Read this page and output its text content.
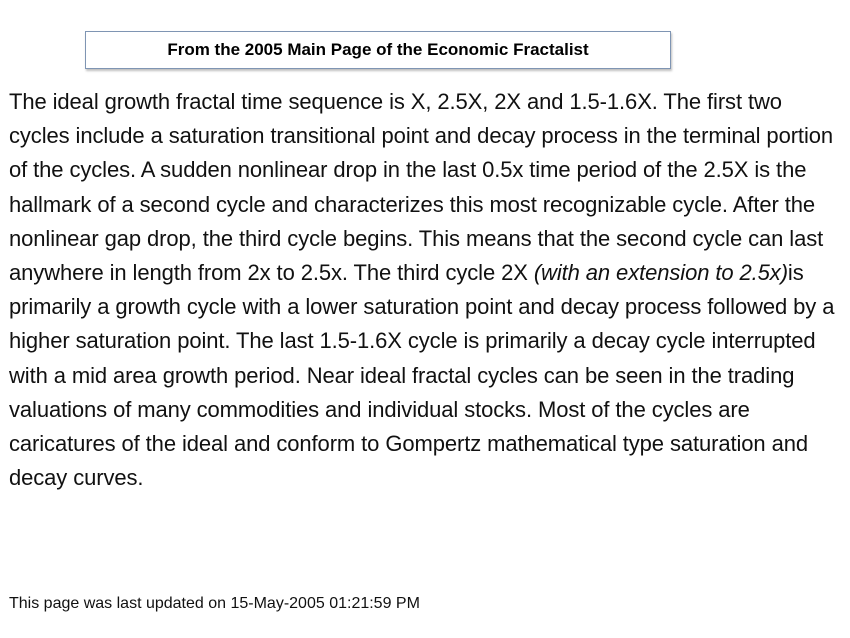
From the 2005 Main Page of the Economic Fractalist

The ideal growth fractal time sequence is X, 2.5X, 2X and 1.5-1.6X. The first two cycles include a saturation transitional point and decay process in the terminal portion of the cycles. A sudden nonlinear drop in the last 0.5x time period of the 2.5X is the hallmark of a second cycle and characterizes this most recognizable cycle. After the nonlinear gap drop, the third cycle begins. This means that the second cycle can last anywhere in length from 2x to 2.5x. The third cycle 2X (with an extension to 2.5x)is primarily a growth cycle with a lower saturation point and decay process followed by a higher saturation point. The last 1.5-1.6X cycle is primarily a decay cycle interrupted with a mid area growth period. Near ideal fractal cycles can be seen in the trading valuations of many commodities and individual stocks. Most of the cycles are caricatures of the ideal and conform to Gompertz mathematical type saturation and decay curves.

This page was last updated on 15-May-2005 01:21:59 PM
